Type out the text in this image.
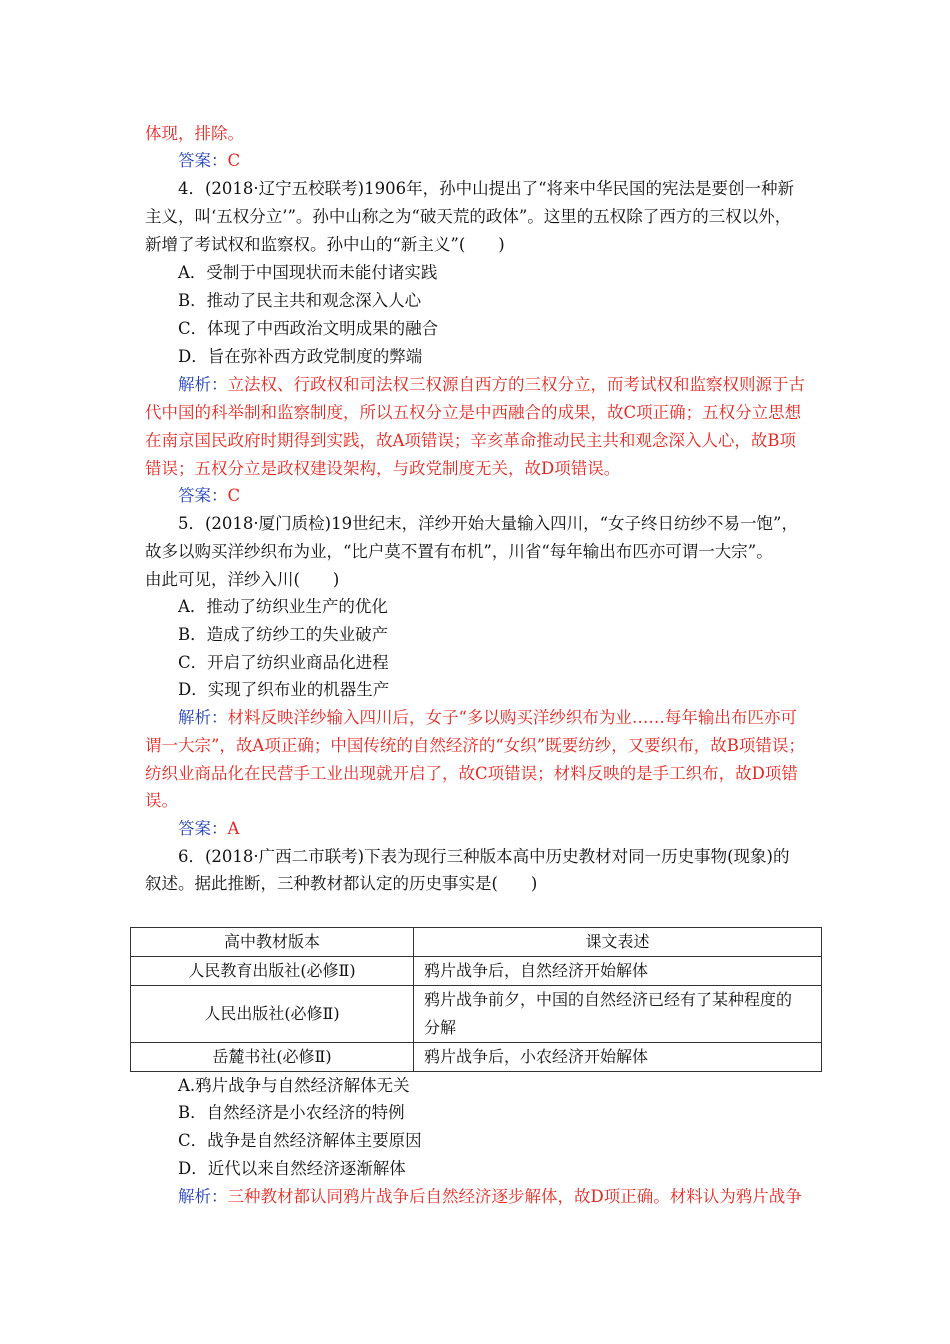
体现，排除。
答案：C
4．(2018·辽宁五校联考)1906年，孙中山提出了“将来中华民国的宪法是要创一种新
主义，叫‘五权分立’”。孙中山称之为“破天荒的政体”。这里的五权除了西方的三权以外，
新增了考试权和监察权。孙中山的“新主义”(　　)
A．受制于中国现状而未能付诸实践
B．推动了民主共和观念深入人心
C．体现了中西政治文明成果的融合
D．旨在弥补西方政党制度的弊端
解析：立法权、行政权和司法权三权源自西方的三权分立，而考试权和监察权则源于古
代中国的科举制和监察制度，所以五权分立是中西融合的成果，故C项正确；五权分立思想
在南京国民政府时期得到实践，故A项错误；辛亥革命推动民主共和观念深入人心，故B项
错误；五权分立是政权建设架构，与政党制度无关，故D项错误。
答案：C
5．(2018·厦门质检)19世纪末，洋纱开始大量输入四川，“女子终日纺纱不易一饱”，
故多以购买洋纱织布为业，“比户莫不置有布机”，川省“每年输出布匹亦可谓一大宗”。
由此可见，洋纱入川(　　)
A．推动了纺织业生产的优化
B．造成了纺纱工的失业破产
C．开启了纺织业商品化进程
D．实现了织布业的机器生产
解析：材料反映洋纱输入四川后，女子“多以购买洋纱织布为业……每年输出布匹亦可
谓一大宗”，故A项正确；中国传统的自然经济的“女织”既要纺纱，又要织布，故B项错误；
纺织业商品化在民营手工业出现就开启了，故C项错误；材料反映的是手工织布，故D项错
误。
答案：A
6．(2018·广西二市联考)下表为现行三种版本高中历史教材对同一历史事物(现象)的
叙述。据此推断，三种教材都认定的历史事实是(　　)
A.鸦片战争与自然经济解体无关
B．自然经济是小农经济的特例
C．战争是自然经济解体主要原因
D．近代以来自然经济逐渐解体
解析：三种教材都认同鸦片战争后自然经济逐步解体，故D项正确。材料认为鸦片战争
高中教材版本	课文表述
人民教育出版社(必修Ⅱ)	鸦片战争后，自然经济开始解体
人民出版社(必修Ⅱ)	鸦片战争前夕，中国的自然经济已经有了某种程度的
分解
岳麓书社(必修Ⅱ)	鸦片战争后，小农经济开始解体
